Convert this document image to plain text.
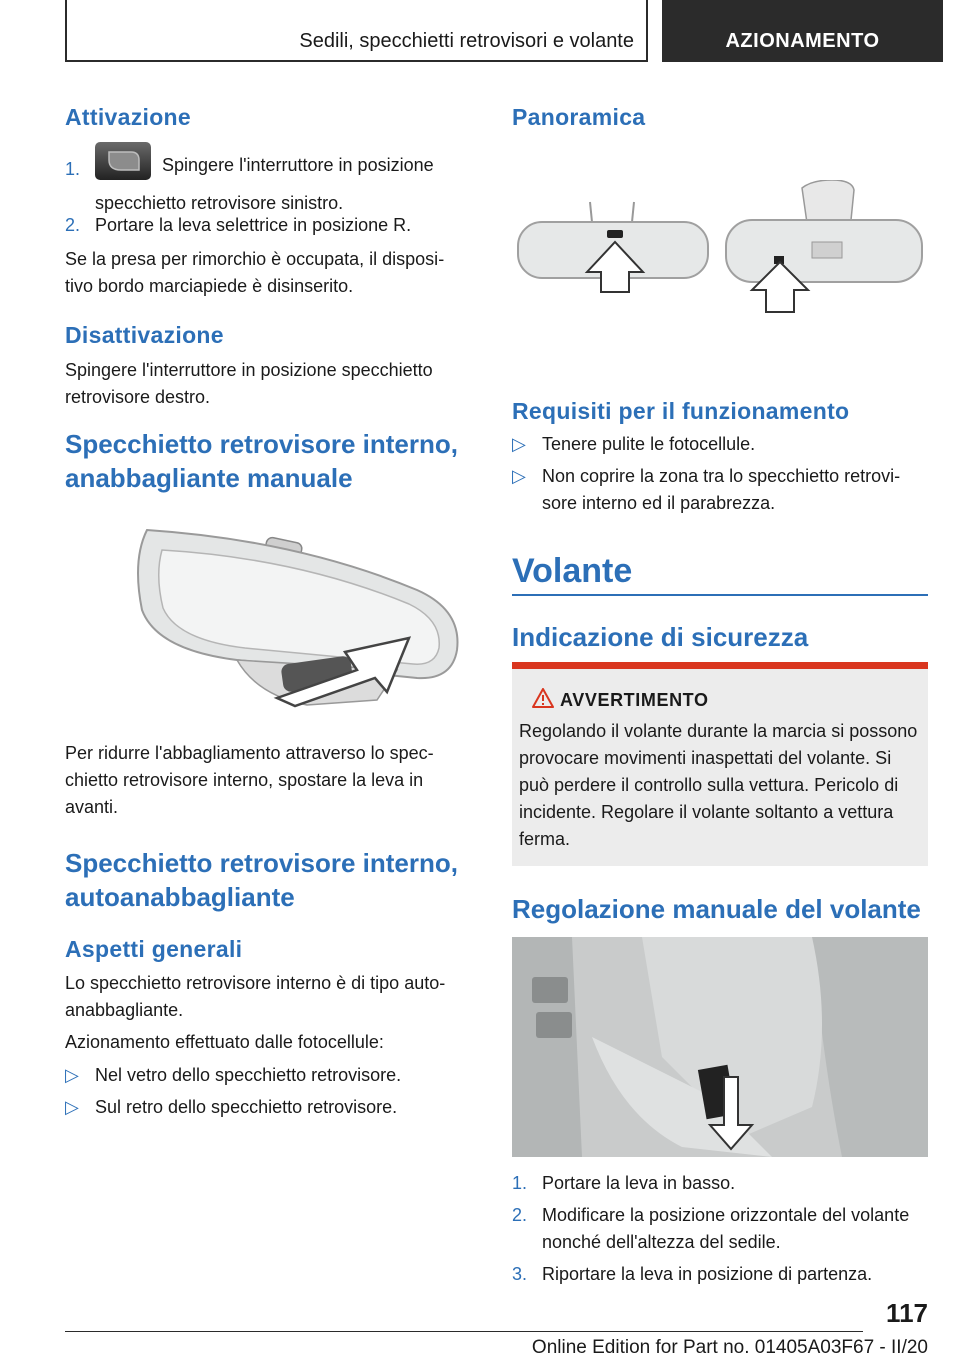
Sedili, specchietti retrovisori e volante	AZIONAMENTO
Attivazione
1.	Spingere l'interruttore in posizione specchietto retrovisore sinistro.
2. Portare la leva selettrice in posizione R.

Se la presa per rimorchio è occupata, il dispositivo bordo marciapiede è disinserito.

Disattivazione

Spingere l'interruttore in posizione specchietto retrovisore destro.

Specchietto retrovisore interno, anabbagliante manuale

Per ridurre l'abbagliamento attraverso lo specchietto retrovisore interno, spostare la leva in avanti.

Specchietto retrovisore interno, autoanabbagliante
Aspetti generali

Lo specchietto retrovisore interno è di tipo autoanabbagliante.

Azionamento effettuato dalle fotocellule:

▷ Nel vetro dello specchietto retrovisore.
▷ Sul retro dello specchietto retrovisore.
Panoramica
Requisiti per il funzionamento
▷ Tenere pulite le fotocellule.
▷ Non coprire la zona tra lo specchietto retrovisore interno ed il parabrezza.
Volante
Indicazione di sicurezza
Regolazione manuale del volante
1. Portare la leva in basso.
2. Modificare la posizione orizzontale del volante nonché dell'altezza del sedile.
3. Riportare la leva in posizione di partenza.
AVVERTIMENTO
Regolando il volante durante la marcia si possono provocare movimenti inaspettati del volante. Si può perdere il controllo sulla vettura. Pericolo di incidente. Regolare il volante soltanto a vettura ferma.
117
Online Edition for Part no. 01405A03F67 - II/20
